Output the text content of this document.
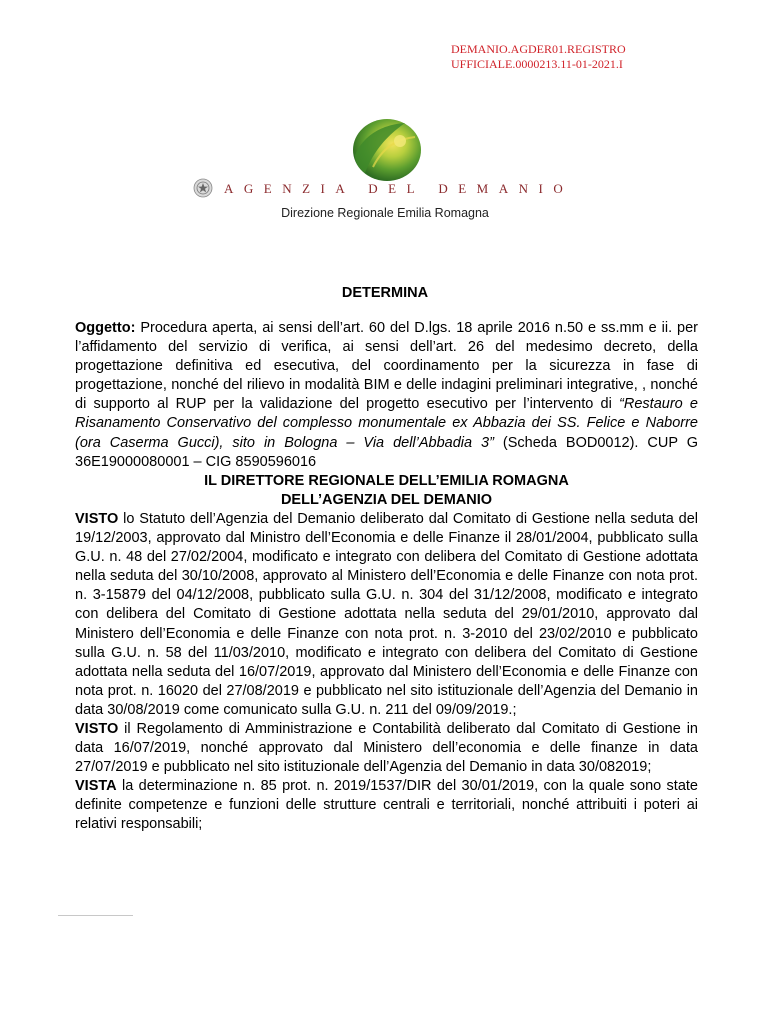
DEMANIO.AGDER01.REGISTRO
UFFICIALE.0000213.11-01-2021.I
AGENZIA DEL DEMANIO
Direzione Regionale Emilia Romagna
DETERMINA

Oggetto: Procedura aperta, ai sensi dell’art. 60 del D.lgs. 18 aprile 2016 n.50 e ss.mm e ii. per l’affidamento del servizio di verifica, ai sensi dell’art. 26 del medesimo decreto, della progettazione definitiva ed esecutiva, del coordinamento per la sicurezza in fase di progettazione, nonché del rilievo in modalità BIM e delle indagini preliminari integrative, , nonché di supporto al RUP per la validazione del progetto esecutivo per l’intervento di “Restauro e Risanamento Conservativo del complesso monumentale ex Abbazia dei SS. Felice e Naborre (ora Caserma Gucci), sito in Bologna – Via dell’Abbadia 3” (Scheda BOD0012). CUP G 36E19000080001 – CIG 8590596016

IL DIRETTORE REGIONALE DELL’EMILIA ROMAGNA

DELL’AGENZIA DEL DEMANIO

VISTO lo Statuto dell’Agenzia del Demanio deliberato dal Comitato di Gestione nella seduta del 19/12/2003, approvato dal Ministro dell’Economia e delle Finanze il 28/01/2004, pubblicato sulla G.U. n. 48 del 27/02/2004, modificato e integrato con delibera del Comitato di Gestione adottata nella seduta del 30/10/2008, approvato al Ministero dell’Economia e delle Finanze con nota prot. n. 3-15879 del 04/12/2008, pubblicato sulla G.U. n. 304 del 31/12/2008, modificato e integrato con delibera del Comitato di Gestione adottata nella seduta del 29/01/2010, approvato dal Ministero dell’Economia e delle Finanze con nota prot. n. 3-2010 del 23/02/2010 e pubblicato sulla G.U. n. 58 del 11/03/2010, modificato e integrato con delibera del Comitato di Gestione adottata nella seduta del 16/07/2019, approvato dal Ministero dell’Economia e delle Finanze con nota prot. n. 16020 del 27/08/2019 e pubblicato nel sito istituzionale dell’Agenzia del Demanio in data 30/08/2019 come comunicato sulla G.U. n. 211 del 09/09/2019.;

VISTO il Regolamento di Amministrazione e Contabilità deliberato dal Comitato di Gestione in data 16/07/2019, nonché approvato dal Ministero dell’economia e delle finanze in data 27/07/2019 e pubblicato nel sito istituzionale dell’Agenzia del Demanio in data 30/082019;

VISTA la determinazione n. 85 prot. n. 2019/1537/DIR del 30/01/2019, con la quale sono state definite competenze e funzioni delle strutture centrali e territoriali, nonché attribuiti i poteri ai relativi responsabili;
